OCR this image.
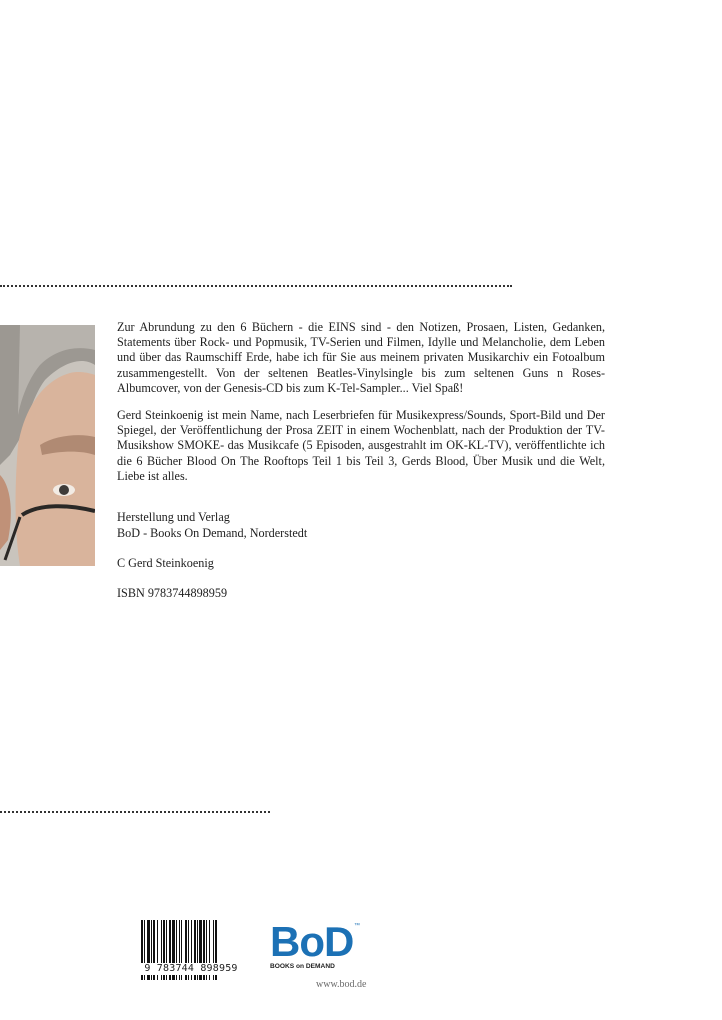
Zur Abrundung zu den 6 Büchern - die EINS sind - den Notizen, Prosaen, Listen, Gedanken, Statements über Rock- und Popmusik, TV-Serien und Filmen, Idylle und Melancholie, dem Leben und über das Raumschiff Erde, habe ich für Sie aus meinem privaten Musikarchiv ein Fotoalbum zusammengestellt. Von der seltenen Beatles-Vinylsingle bis zum seltenen Guns n Roses-Albumcover, von der Genesis-CD bis zum K-Tel-Sampler... Viel Spaß!
Gerd Steinkoenig ist mein Name, nach Leserbriefen für Musikexpress/Sounds, Sport-Bild und Der Spiegel, der Veröffentlichung der Prosa ZEIT in einem Wochenblatt, nach der Produktion der TV-Musikshow SMOKE- das Musikcafe (5 Episoden, ausgestrahlt im OK-KL-TV), veröffentlichte ich die 6 Bücher Blood On The Rooftops Teil 1 bis Teil 3, Gerds Blood, Über Musik und die Welt, Liebe ist alles.
Herstellung und Verlag
BoD - Books On Demand, Norderstedt
C Gerd Steinkoenig
ISBN 9783744898959
9 783744 898959
BoD ™
BOOKS on DEMAND
www.bod.de
